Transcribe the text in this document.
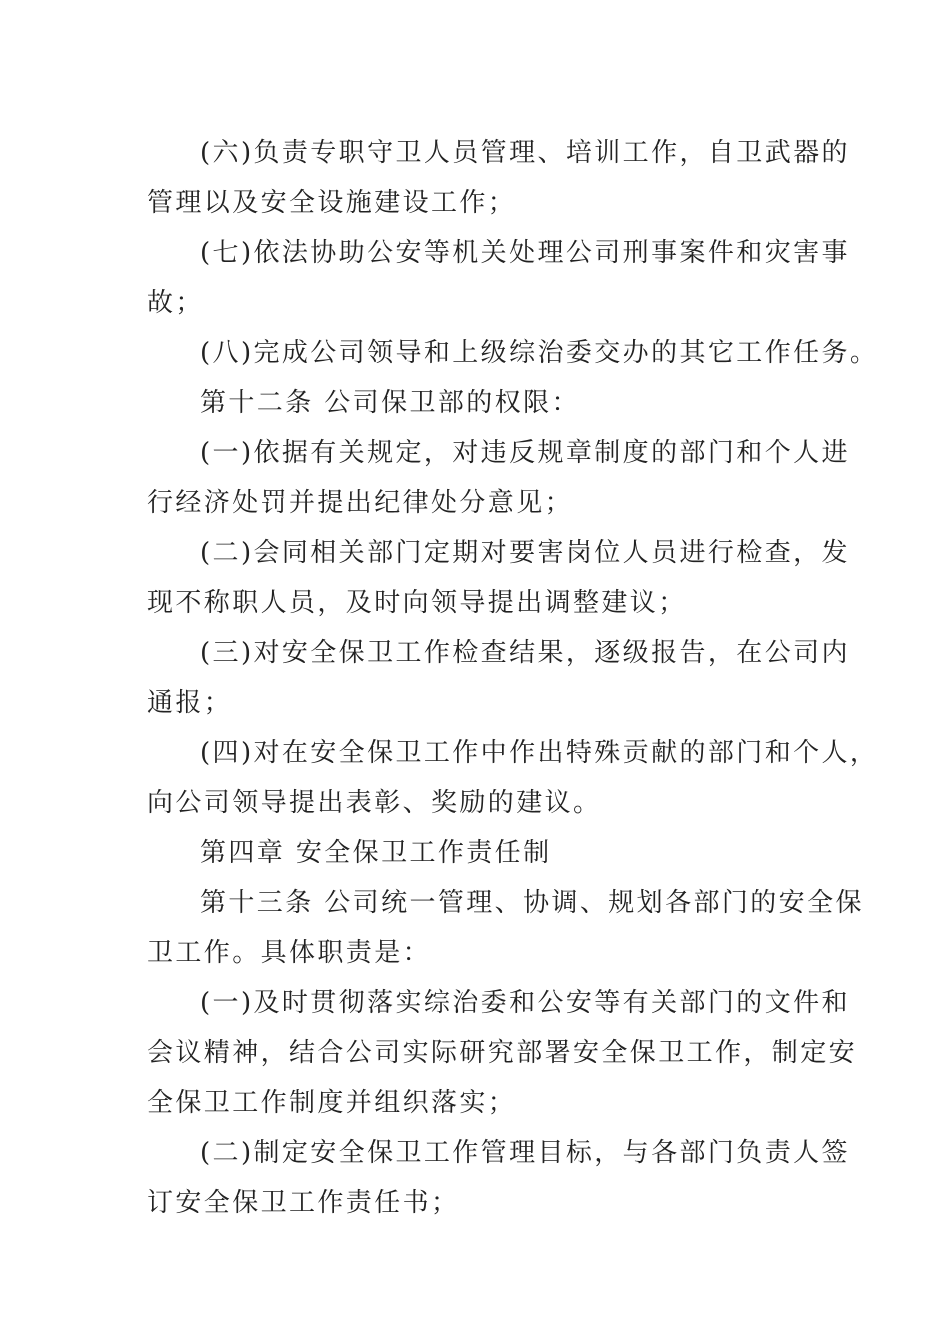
(六)负责专职守卫人员管理、培训工作，自卫武器的
管理以及安全设施建设工作；
(七)依法协助公安等机关处理公司刑事案件和灾害事
故；
(八)完成公司领导和上级综治委交办的其它工作任务。
第十二条 公司保卫部的权限：
(一)依据有关规定，对违反规章制度的部门和个人进
行经济处罚并提出纪律处分意见；
(二)会同相关部门定期对要害岗位人员进行检查，发
现不称职人员，及时向领导提出调整建议；
(三)对安全保卫工作检查结果，逐级报告，在公司内
通报；
(四)对在安全保卫工作中作出特殊贡献的部门和个人，
向公司领导提出表彰、奖励的建议。
第四章 安全保卫工作责任制
第十三条 公司统一管理、协调、规划各部门的安全保
卫工作。具体职责是：
(一)及时贯彻落实综治委和公安等有关部门的文件和
会议精神，结合公司实际研究部署安全保卫工作，制定安
全保卫工作制度并组织落实；
(二)制定安全保卫工作管理目标，与各部门负责人签
订安全保卫工作责任书；
